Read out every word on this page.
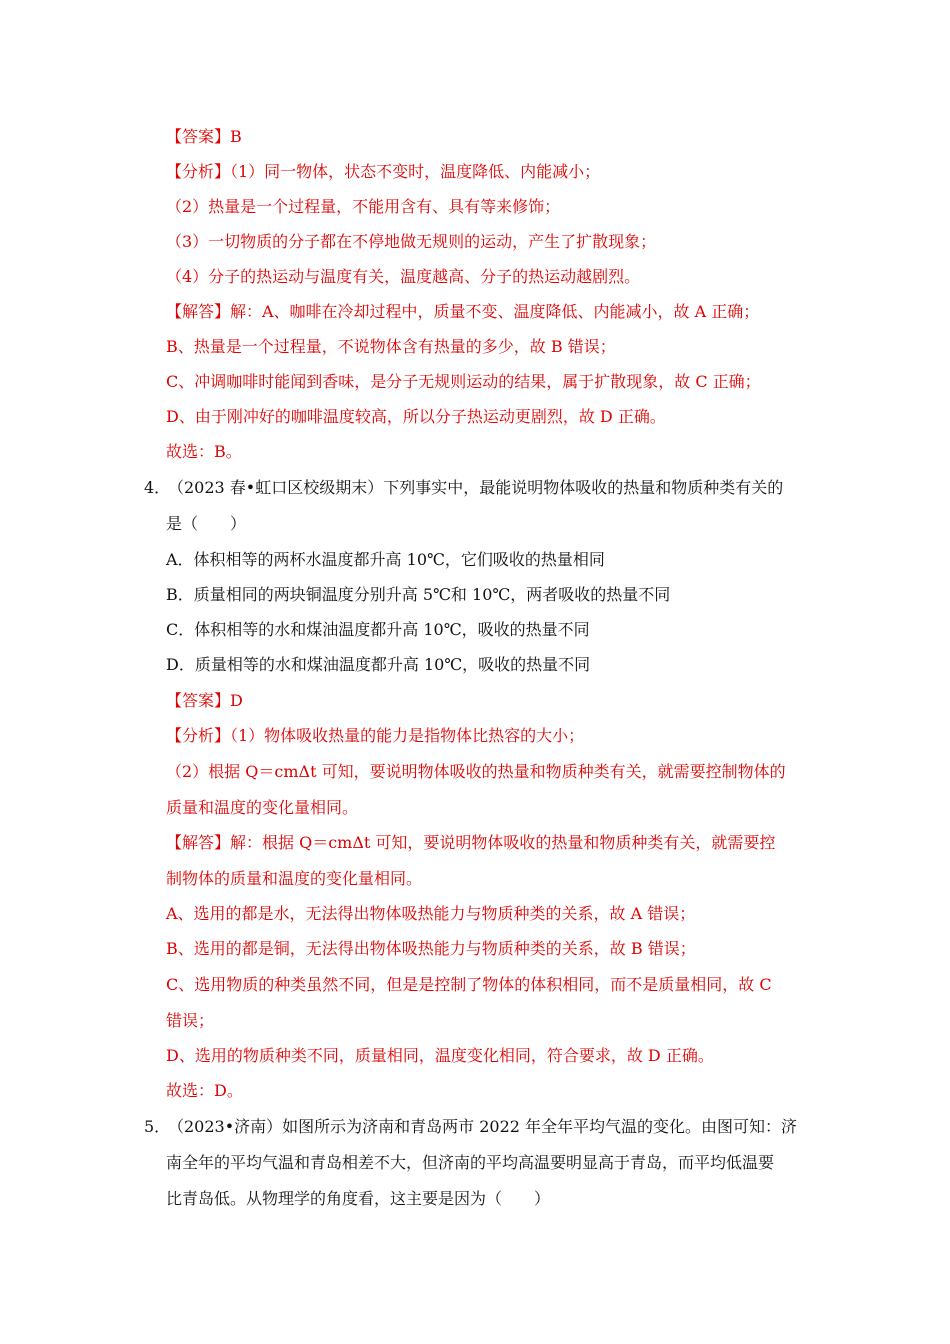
【答案】B
【分析】（1）同一物体，状态不变时，温度降低、内能减小；
（2）热量是一个过程量，不能用含有、具有等来修饰；
（3）一切物质的分子都在不停地做无规则的运动，产生了扩散现象；
（4）分子的热运动与温度有关，温度越高、分子的热运动越剧烈。
【解答】解：A、咖啡在冷却过程中，质量不变、温度降低、内能减小，故 A 正确；
B、热量是一个过程量，不说物体含有热量的多少，故 B 错误；
C、冲调咖啡时能闻到香味，是分子无规则运动的结果，属于扩散现象，故 C 正确；
D、由于刚冲好的咖啡温度较高，所以分子热运动更剧烈，故 D 正确。
故选：B。
4．（2023 春•虹口区校级期末）下列事实中，最能说明物体吸收的热量和物质种类有关的
是（　　）
A．体积相等的两杯水温度都升高 10℃，它们吸收的热量相同
B．质量相同的两块铜温度分别升高 5℃和 10℃，两者吸收的热量不同
C．体积相等的水和煤油温度都升高 10℃，吸收的热量不同
D．质量相等的水和煤油温度都升高 10℃，吸收的热量不同
【答案】D
【分析】（1）物体吸收热量的能力是指物体比热容的大小；
（2）根据 Q＝cmΔt 可知，要说明物体吸收的热量和物质种类有关，就需要控制物体的
质量和温度的变化量相同。
【解答】解：根据 Q＝cmΔt 可知，要说明物体吸收的热量和物质种类有关，就需要控
制物体的质量和温度的变化量相同。
A、选用的都是水，无法得出物体吸热能力与物质种类的关系，故 A 错误；
B、选用的都是铜，无法得出物体吸热能力与物质种类的关系，故 B 错误；
C、选用物质的种类虽然不同，但是是控制了物体的体积相同，而不是质量相同，故 C
错误；
D、选用的物质种类不同，质量相同，温度变化相同，符合要求，故 D 正确。
故选：D。
5．（2023•济南）如图所示为济南和青岛两市 2022 年全年平均气温的变化。由图可知：济
南全年的平均气温和青岛相差不大，但济南的平均高温要明显高于青岛，而平均低温要
比青岛低。从物理学的角度看，这主要是因为（　　）
